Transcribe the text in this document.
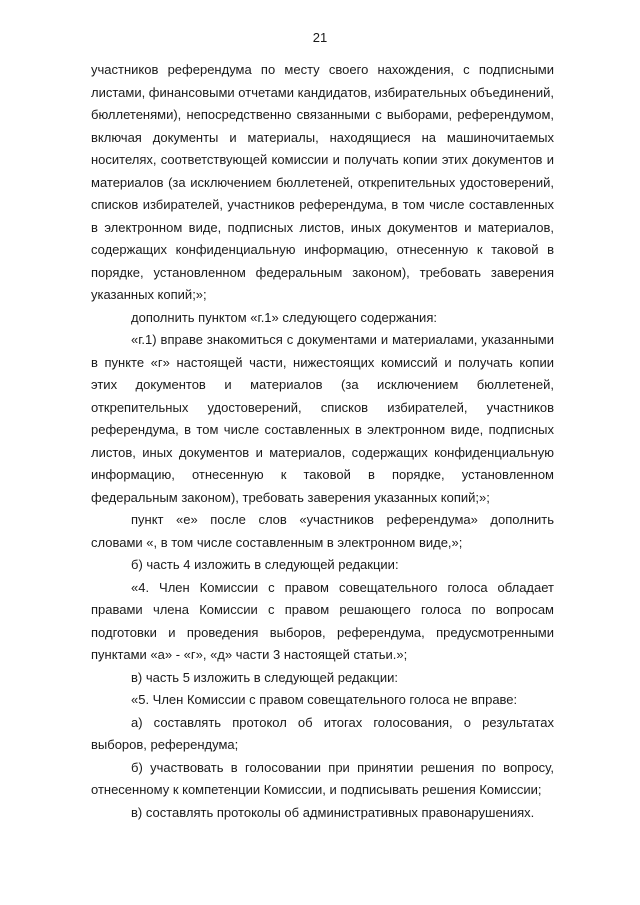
21

участников референдума по месту своего нахождения, с подписными листами, финансовыми отчетами кандидатов, избирательных объединений, бюллетенями), непосредственно связанными с выборами, референдумом, включая документы и материалы, находящиеся на машиночитаемых носителях, соответствующей комиссии и получать копии этих документов и материалов (за исключением бюллетеней, открепительных удостоверений, списков избирателей, участников референдума, в том числе составленных в электронном виде, подписных листов, иных документов и материалов, содержащих конфиденциальную информацию, отнесенную к таковой в порядке, установленном федеральным законом), требовать заверения указанных копий;»;

дополнить пунктом «г.1» следующего содержания:

«г.1) вправе знакомиться с документами и материалами, указанными в пункте «г» настоящей части, нижестоящих комиссий и получать копии этих документов и материалов (за исключением бюллетеней, открепительных удостоверений, списков избирателей, участников референдума, в том числе составленных в электронном виде, подписных листов, иных документов и материалов, содержащих конфиденциальную информацию, отнесенную к таковой в порядке, установленном федеральным законом), требовать заверения указанных копий;»;

пункт «е» после слов «участников референдума» дополнить словами «, в том числе составленным в электронном виде,»;

б) часть 4 изложить в следующей редакции:

«4. Член Комиссии с правом совещательного голоса обладает правами члена Комиссии с правом решающего голоса по вопросам подготовки и проведения выборов, референдума, предусмотренными пунктами «а» - «г», «д» части 3 настоящей статьи.»;

в) часть 5 изложить в следующей редакции:

«5. Член Комиссии с правом совещательного голоса не вправе:

а) составлять протокол об итогах голосования, о результатах выборов, референдума;

б) участвовать в голосовании при принятии решения по вопросу, отнесенному к компетенции Комиссии, и подписывать решения Комиссии;

в) составлять протоколы об административных правонарушениях.
